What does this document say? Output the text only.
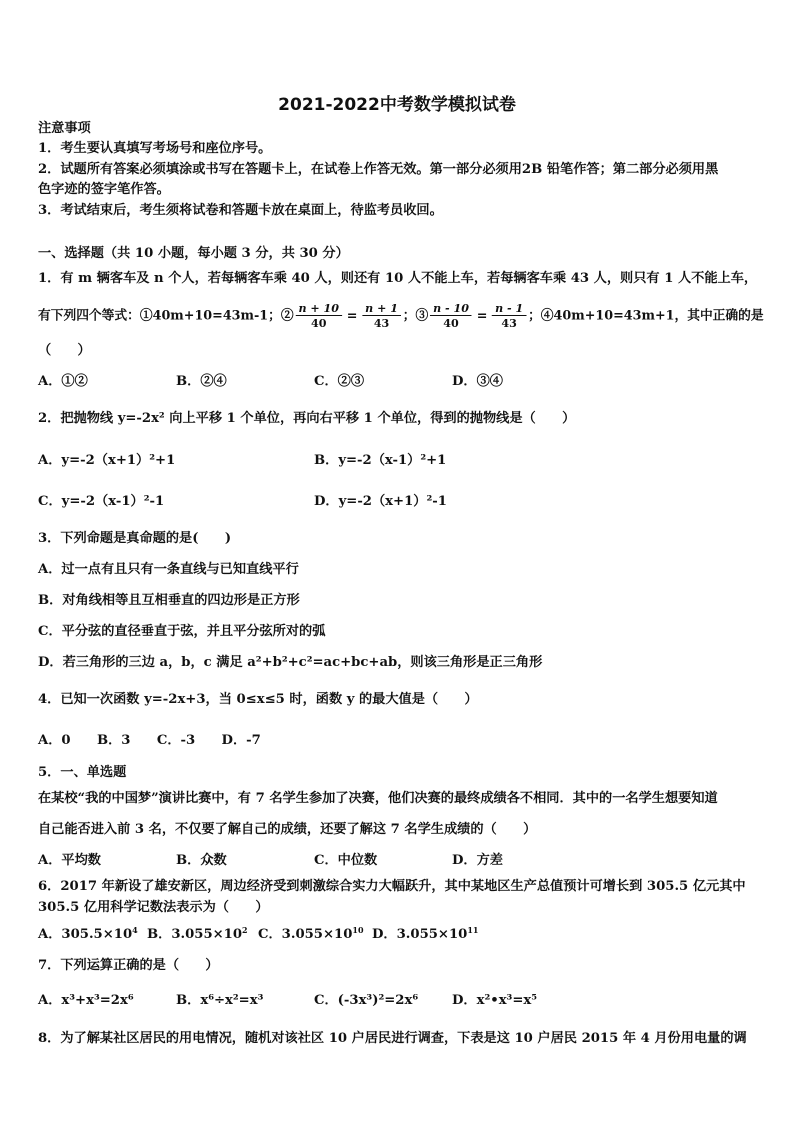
2021-2022中考数学模拟试卷
注意事项
1．考生要认真填写考场号和座位序号。
2．试题所有答案必须填涂或书写在答题卡上，在试卷上作答无效。第一部分必须用2B 铅笔作答；第二部分必须用黑
色字迹的签字笔作答。
3．考试结束后，考生须将试卷和答题卡放在桌面上，待监考员收回。
一、选择题（共 10 小题，每小题 3 分，共 30 分）
1．有 m 辆客车及 n 个人，若每辆客车乘 40 人，则还有 10 人不能上车，若每辆客车乘 43 人，则只有 1 人不能上车，
有下列四个等式：①40m+10=43m-1；② $\frac{n + 10}{40} = \frac{n + 1}{43}$ ；③ $\frac{n - 10}{40} = \frac{n - 1}{43}$ ；④40m+10=43m+1，其中正确的是
（　　）
A．①②	B．②④	C．②③	D．③④
2．把抛物线 y=-2x² 向上平移 1 个单位，再向右平移 1 个单位，得到的抛物线是（　　）
A．y=-2（x+1）²+1	B．y=-2（x-1）²+1
C．y=-2（x-1）²-1	D．y=-2（x+1）²-1
3．下列命题是真命题的是(　　)
A．过一点有且只有一条直线与已知直线平行
B．对角线相等且互相垂直的四边形是正方形
C．平分弦的直径垂直于弦，并且平分弦所对的弧
D．若三角形的三边 a，b，c 满足 a²+b²+c²=ac+bc+ab，则该三角形是正三角形
4．已知一次函数 y=-2x+3，当 0≤x≤5 时，函数 y 的最大值是（　　）
A．0　　B．3　　C．-3　　D．-7
5．一、单选题
在某校“我的中国梦”演讲比赛中，有 7 名学生参加了决赛，他们决赛的最终成绩各不相同．其中的一名学生想要知道
自己能否进入前 3 名，不仅要了解自己的成绩，还要了解这 7 名学生成绩的（　　）
A．平均数	B．众数	C．中位数	D．方差
6．2017 年新设了雄安新区，周边经济受到刺激综合实力大幅跃升，其中某地区生产总值预计可增长到 305.5 亿元其中
305.5 亿用科学记数法表示为（　　）
A．$305.5\times 10^4$ B．$3.055\times 10^2$ C．$3.055\times 10^{10}$ D．$3.055\times 10^{11}$
7．下列运算正确的是（　　）
A．x³+x³=2x⁶	B．x⁶÷x²=x³	C．(-3x³)²=2x⁶	D．x²•x³=x⁵
8．为了解某社区居民的用电情况，随机对该社区 10 户居民进行调查，下表是这 10 户居民 2015 年 4 月份用电量的调
